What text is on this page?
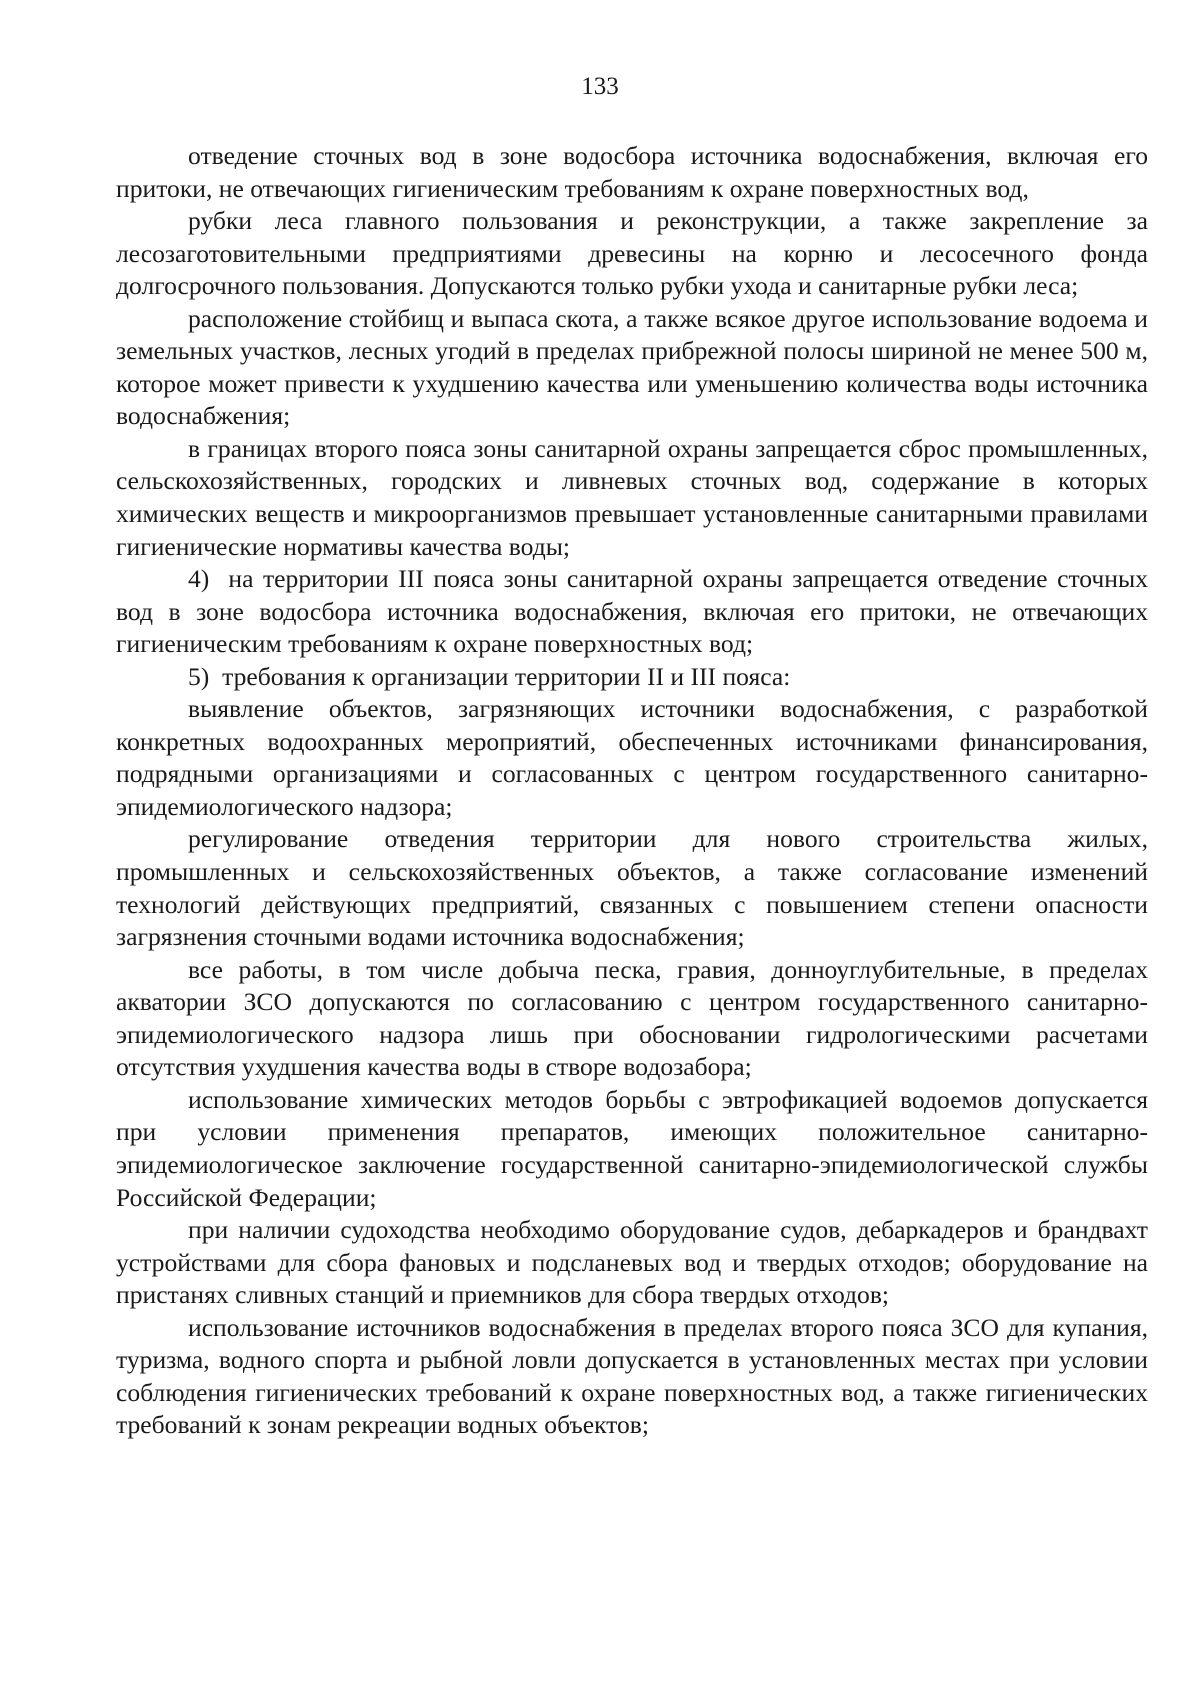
133

отведение сточных вод в зоне водосбора источника водоснабжения, включая его притоки, не отвечающих гигиеническим требованиям к охране поверхностных вод,

рубки леса главного пользования и реконструкции, а также закрепление за лесозаготовительными предприятиями древесины на корню и лесосечного фонда долгосрочного пользования. Допускаются только рубки ухода и санитарные рубки леса;

расположение стойбищ и выпаса скота, а также всякое другое использование водоема и земельных участков, лесных угодий в пределах прибрежной полосы шириной не менее 500 м, которое может привести к ухудшению качества или уменьшению количества воды источника водоснабжения;

в границах второго пояса зоны санитарной охраны запрещается сброс промышленных, сельскохозяйственных, городских и ливневых сточных вод, содержание в которых химических веществ и микроорганизмов превышает установленные санитарными правилами гигиенические нормативы качества воды;

4)  на территории III пояса зоны санитарной охраны запрещается отведение сточных вод в зоне водосбора источника водоснабжения, включая его притоки, не отвечающих гигиеническим требованиям к охране поверхностных вод;

5)  требования к организации территории II и III пояса:

выявление объектов, загрязняющих источники водоснабжения, с разработкой конкретных водоохранных мероприятий, обеспеченных источниками финансирования, подрядными организациями и согласованных с центром государственного санитарно-эпидемиологического надзора;

регулирование отведения территории для нового строительства жилых, промышленных и сельскохозяйственных объектов, а также согласование изменений технологий действующих предприятий, связанных с повышением степени опасности загрязнения сточными водами источника водоснабжения;

все работы, в том числе добыча песка, гравия, донноуглубительные, в пределах акватории ЗСО допускаются по согласованию с центром государственного санитарно-эпидемиологического надзора лишь при обосновании гидрологическими расчетами отсутствия ухудшения качества воды в створе водозабора;

использование химических методов борьбы с эвтрофикацией водоемов допускается при условии применения препаратов, имеющих положительное санитарно-эпидемиологическое заключение государственной санитарно-эпидемиологической службы Российской Федерации;

при наличии судоходства необходимо оборудование судов, дебаркадеров и брандвахт устройствами для сбора фановых и подсланевых вод и твердых отходов; оборудование на пристанях сливных станций и приемников для сбора твердых отходов;

использование источников водоснабжения в пределах второго пояса ЗСО для купания, туризма, водного спорта и рыбной ловли допускается в установленных местах при условии соблюдения гигиенических требований к охране поверхностных вод, а также гигиенических требований к зонам рекреации водных объектов;
